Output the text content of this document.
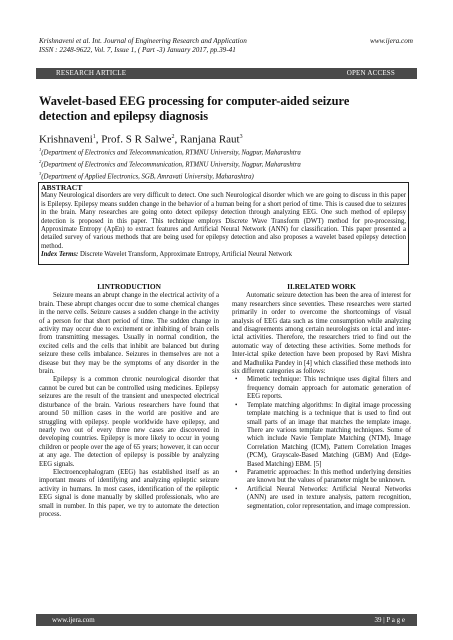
Krishnaveni et al. Int. Journal of Engineering Research and Application
ISSN : 2248-9622, Vol. 7, Issue 1, ( Part -3) January 2017, pp.39-41
www.ijera.com
RESEARCH ARTICLE	OPEN ACCESS
Wavelet-based EEG processing for computer-aided seizure detection and epilepsy diagnosis
Krishnaveni$^1$, Prof. S R Salwe$^2$, Ranjana Raut$^3$
$^1$(Department of Electronics and Telecommunication, RTMNU University, Nagpur, Maharashtra
$^2$(Department of Electronics and Telecommunication, RTMNU University, Nagpur, Maharashtra
$^3$(Department of Applied Electronics, SGB, Amravati University, Maharashtra)
ABSTRACT
Many Neurological disorders are very difficult to detect. One such Neurological disorder which we are going to discuss in this paper is Epilepsy. Epilepsy means sudden change in the behavior of a human being for a short period of time. This is caused due to seizures in the brain. Many researches are going onto detect epilepsy detection through analyzing EEG. One such method of epilepsy detection is proposed in this paper. This technique employs Discrete Wave Transform (DWT) method for pre-processing, Approximate Entropy (ApEn) to extract features and Artificial Neural Network (ANN) for classification. This paper presented a detailed survey of various methods that are being used for epilepsy detection and also proposes a wavelet based epilepsy detection method.
Index Terms: Discrete Wavelet Transform, Approximate Entropy, Artificial Neural Network
I.INTRODUCTION

Seizure means an abrupt change in the electrical activity of a brain. These abrupt changes occur due to some chemical changes in the nerve cells. Seizure causes a sudden change in the activity of a person for that short period of time. The sudden change in activity may occur due to excitement or inhibiting of brain cells from transmitting messages. Usually in normal condition, the excited cells and the cells that inhibit are balanced but during seizure these cells imbalance. Seizures in themselves are not a disease but they may be the symptoms of any disorder in the brain.

Epilepsy is a common chronic neurological disorder that cannot be cured but can be controlled using medicines. Epilepsy seizures are the result of the transient and unexpected electrical disturbance of the brain. Various researchers have found that around 50 million cases in the world are positive and are struggling with epilepsy. people worldwide have epilepsy, and nearly two out of every three new cases are discovered in developing countries. Epilepsy is more likely to occur in young children or people over the age of 65 years; however, it can occur at any age. The detection of epilepsy is possible by analyzing EEG signals.

Electroencephalogram (EEG) has established itself as an important means of identifying and analyzing epileptic seizure activity in humans. In most cases, identification of the epileptic EEG signal is done manually by skilled professionals, who are small in number. In this paper, we try to automate the detection process.

II.RELATED WORK

Automatic seizure detection has been the area of interest for many researchers since seventies. These researches were started primarily in order to overcome the shortcomings of visual analysis of EEG data such as time consumption while analyzing and disagreements among certain neurologists on ictal and inter-ictal activities. Therefore, the researchers tried to find out the automatic way of detecting these activities. Some methods for Inter-ictal spike detection have been proposed by Ravi Mishra and Madhulika Pandey in [4] which classified these methods into six different categories as follows:

• Mimetic technique: This technique uses digital filters and frequency domain approach for automatic generation of EEG reports.
• Template matching algorithms: In digital image processing template matching is a technique that is used to find out small parts of an image that matches the template image. There are various template matching techniques. Some of which include Navie Template Matching (NTM), Image Correlation Matching (ICM), Pattern Correlation Images (PCM), Grayscale-Based Matching (GBM) And (Edge-Based Matching) EBM. [5]
• Parametric approaches: In this method underlying densities are known but the values of parameter might be unknown.
• Artificial Neural Networks: Artificial Neural Networks (ANN) are used in texture analysis, pattern recognition, segmentation, color representation, and image compression.
www.ijera.com	39 | P a g e
